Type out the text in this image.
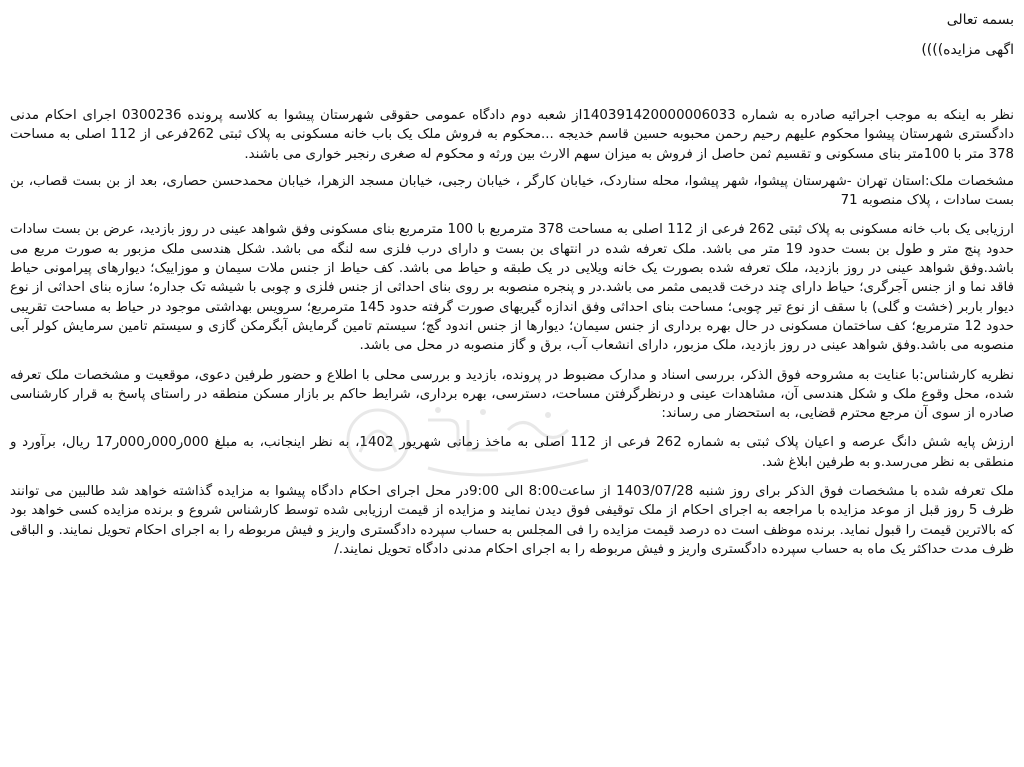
بسمه تعالی

اگهی مزایده))))

نظر به اینکه به موجب اجرائیه صادره به شماره 140391420000006033از شعبه دوم دادگاه عمومی حقوقی شهرستان پیشوا به کلاسه پرونده 0300236 اجرای احکام مدنی دادگستری شهرستان پیشوا محکوم علیهم رحیم رحمن محبوبه حسین قاسم خدیجه ...محکوم به فروش ملک یک باب خانه مسکونی به پلاک ثبتی 262فرعی از 112 اصلی به مساحت 378 متر با 100متر بنای مسکونی و تقسیم ثمن حاصل از فروش به میزان سهم الارث بین ورثه و محکوم له صغری رنجبر خواری می باشند.

مشخصات ملک:استان تهران -شهرستان پیشوا، شهر پیشوا، محله سنارد‌ک، خیابان کارگر ، خیابان رجبی، خیابان مسجد الزهرا، خیابان محمدحسن حصاری، بعد از بن بست قصاب، بن بست سادات ، پلاک منصوبه 71

ارزیابی یک باب خانه مسکونی به پلاک ثبتی 262 فرعی از 112 اصلی به مساحت 378 مترمربع با 100 مترمربع بنای مسکونی وفق شواهد عینی در روز بازدید، عرض بن بست سادات حدود پنج متر و طول بن بست حدود 19 متر می باشد. ملک تعرفه شده در انتهای بن بست و دارای درب فلزی سه لنگه می باشد. شکل هندسی ملک مزبور به صورت مربع می باشد.وفق شواهد عینی در روز بازدید، ملک تعرفه شده بصورت یک خانه ویلایی در یک طبقه و حیاط می باشد. کف حیاط از جنس ملات سیمان و موزاییک؛ دیوارهای پیرامونی حیاط فاقد نما و از جنس آجرگری؛ حیاط دارای چند درخت قدیمی مثمر می باشد.در و پنجره منصوبه بر روی بنای احداثی از جنس فلزی و چوبی با شیشه تک جداره؛ سازه بنای احداثی از نوع دیوار باربر (خشت و گلی) با سقف از نوع تیر چوبی؛ مساحت بنای احداثی وفق اندازه گیریهای صورت گرفته حدود 145 مترمربع؛ سرویس بهداشتی موجود در حیاط به مساحت تقریبی حدود 12 مترمربع؛ کف ساختمان مسکونی در حال بهره برداری از جنس سیمان؛ دیوارها از جنس اندود گچ؛ سیستم تامین گرمایش آبگرمکن گازی و سیستم تامین سرمایش کولر آبی منصوبه می باشد.وفق شواهد عینی در روز بازدید، ملک مزبور، دارای انشعاب آب، برق و گاز منصوبه در محل می باشد.

نظریه کارشناس:با عنایت به مشروحه فوق الذکر، بررسی اسناد و مدارک مضبوط در پرونده، بازدید و بررسی محلی با اطلاع و حضور طرفین دعوی، موقعیت و مشخصات ملک تعرفه شده، محل وقوع ملک و شکل هندسی آن، مشاهدات عینی و درنظرگرفتن مساحت، دسترسی، بهره برداری، شرایط حاکم بر بازار مسکن منطقه در راستای پاسخ به قرار کارشناسی صادره از سوی آن مرجع محترم قضایی، به استحضار می رساند:

ارزش پایه شش دانگ عرصه و اعیان پلاک ثبتی به شماره 262 فرعی از 112 اصلی به ماخذ زمانی شهریور 1402، به نظر اینجانب، به مبلغ 000ر000ر000ر17 ریال، برآورد و منطقی به نظر می‌رسد.و به طرفین ابلاغ شد.

ملک تعرفه شده با مشخصات فوق الذکر برای روز شنبه 1403/07/28 از ساعت8:00 الی 9:00در محل اجرای احکام دادگاه پیشوا به مزایده گذاشته خواهد شد طالبین می توانند ظرف 5 روز قبل از موعد مزایده با مراجعه به اجرای احکام از ملک توقیفی فوق دیدن نمایند و مزایده از قیمت ارزیابی شده توسط کارشناس شروع و برنده مزایده کسی خواهد بود که بالاترین قیمت را قبول نماید. برنده موظف است ده درصد قیمت مزایده را فی المجلس به حساب سپرده دادگستری واریز و فیش مربوطه را به اجرای احکام تحویل نمایند. و الباقی ظرف مدت حداکثر یک ماه به حساب سپرده دادگستری واریز و فیش مربوطه را به اجرای احکام مدنی دادگاه تحویل نمایند./
